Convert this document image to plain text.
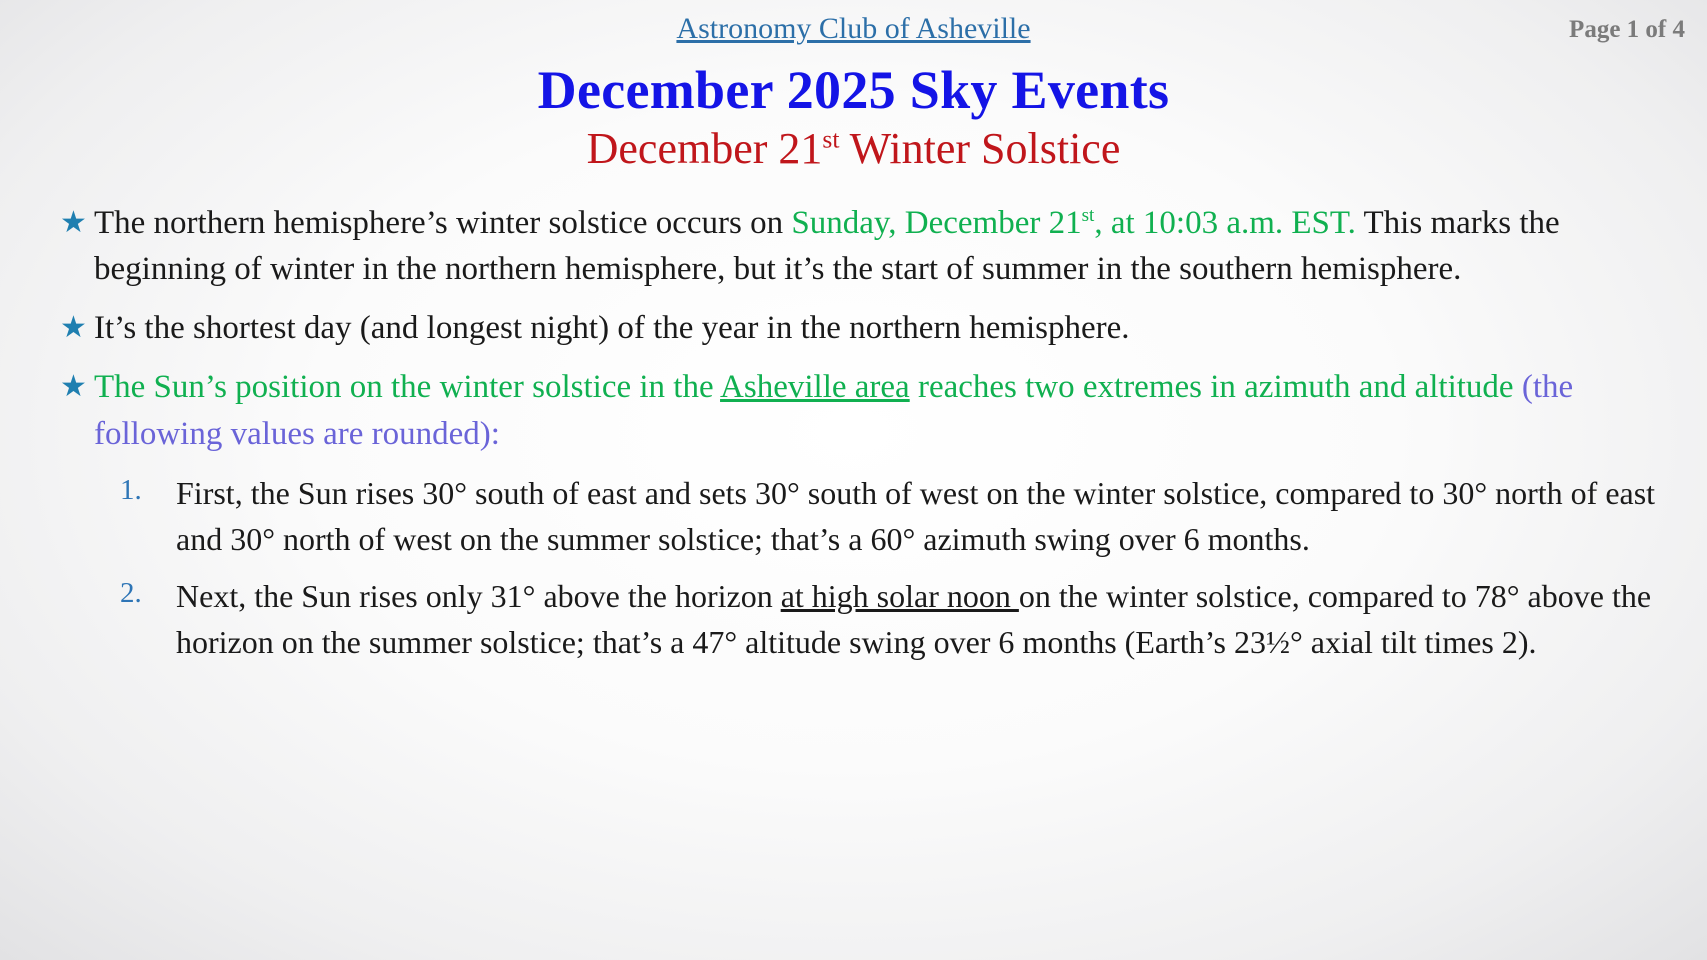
Astronomy Club of Asheville	Page 1 of 4
December 2025 Sky Events
December 21st Winter Solstice
★ The northern hemisphere’s winter solstice occurs on Sunday, December 21st, at 10:03 a.m. EST. This marks the beginning of winter in the northern hemisphere, but it’s the start of summer in the southern hemisphere.
★ It’s the shortest day (and longest night) of the year in the northern hemisphere.
★ The Sun’s position on the winter solstice in the Asheville area reaches two extremes in azimuth and altitude (the following values are rounded):
1.	First, the Sun rises 30° south of east and sets 30° south of west on the winter solstice, compared to 30° north of east and 30° north of west on the summer solstice; that’s a 60° azimuth swing over 6 months.
2.	Next, the Sun rises only 31° above the horizon at high solar noon on the winter solstice, compared to 78° above the horizon on the summer solstice; that’s a 47° altitude swing over 6 months (Earth’s 23½° axial tilt times 2).
